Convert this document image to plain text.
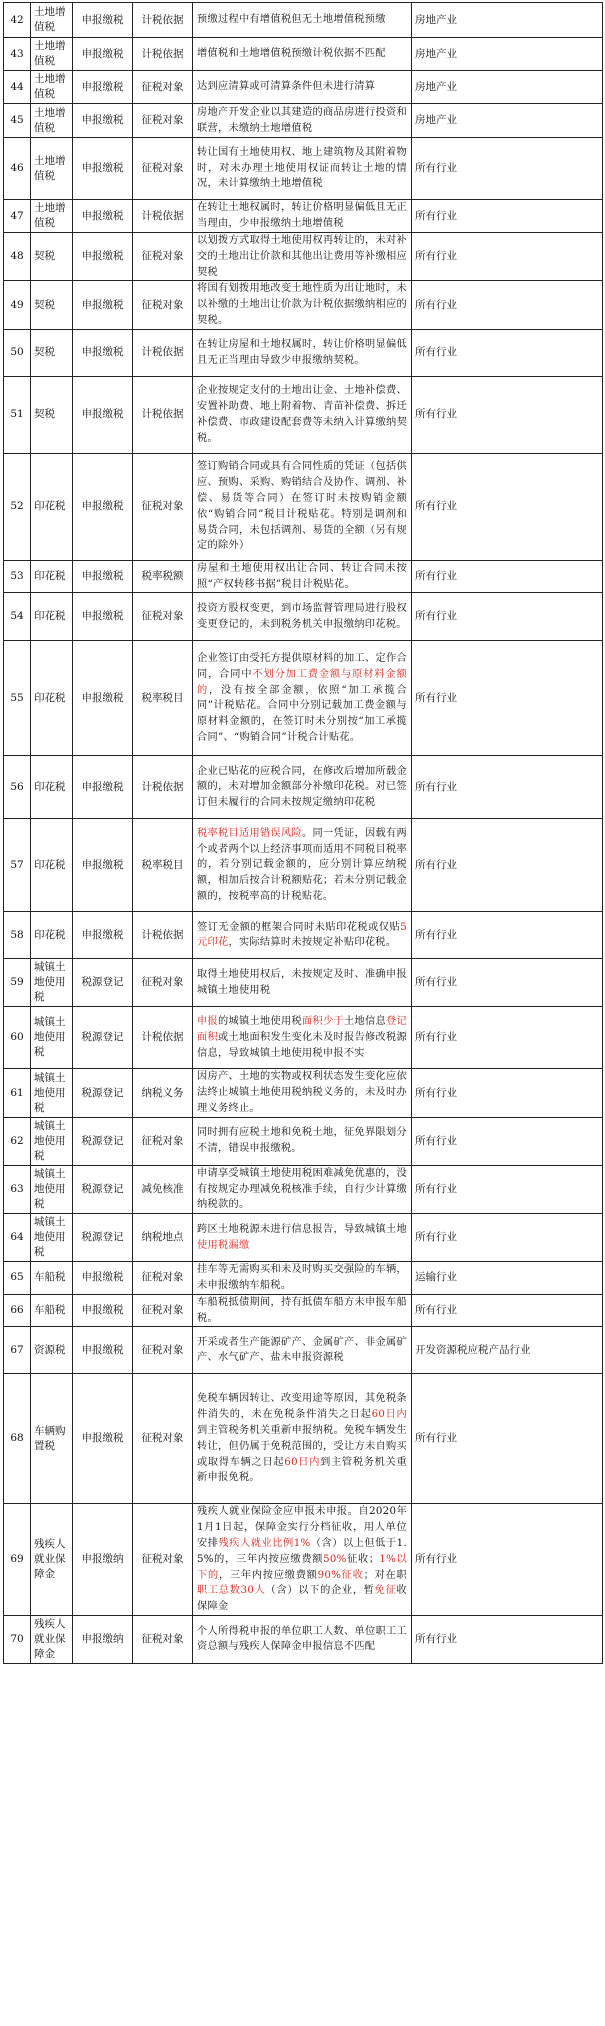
42	土地增值税	申报缴税	计税依据	预缴过程中有增值税但无土地增值税预缴	房地产业
43	土地增值税	申报缴税	计税依据	增值税和土地增值税预缴计税依据不匹配	房地产业
44	土地增值税	申报缴税	征税对象	达到应清算或可清算条件但未进行清算	房地产业
45	土地增值税	申报缴税	征税对象	房地产开发企业以其建造的商品房进行投资和联营，未缴纳土地增值税	房地产业
46	土地增值税	申报缴税	征税对象	转让国有土地使用权、地上建筑物及其附着物时，对未办理土地使用权证而转让土地的情况，未计算缴纳土地增值税	所有行业
47	土地增值税	申报缴税	计税依据	在转让土地权属时，转让价格明显偏低且无正当理由，少申报缴纳土地增值税	所有行业
48	契税	申报缴税	征税对象	以划拨方式取得土地使用权再转让的，未对补交的土地出让价款和其他出让费用等补缴相应契税	所有行业
49	契税	申报缴税	征税对象	将国有划拨用地改变土地性质为出让地时，未以补缴的土地出让价款为计税依据缴纳相应的契税。	所有行业
50	契税	申报缴税	计税依据	在转让房屋和土地权属时，转让价格明显偏低且无正当理由导致少申报缴纳契税。	所有行业
51	契税	申报缴税	计税依据	企业按规定支付的土地出让金、土地补偿费、安置补助费、地上附着物、青苗补偿费、拆迁补偿费、市政建设配套费等未纳入计算缴纳契税。	所有行业
52	印花税	申报缴税	征税对象	签订购销合同或具有合同性质的凭证（包括供应、预购、采购、购销结合及协作、调剂、补偿、易货等合同）在签订时未按购销金额依“购销合同”税目计税贴花。特别是调剂和易货合同，未包括调剂、易货的全额（另有规定的除外）	所有行业
53	印花税	申报缴税	税率税额	房屋和土地使用权出让合同、转让合同未按照“产权转移书据”税目计税贴花。	所有行业
54	印花税	申报缴税	征税对象	投资方股权变更，到市场监督管理局进行股权变更登记的，未到税务机关申报缴纳印花税。	所有行业
55	印花税	申报缴税	税率税目	企业签订由受托方提供原材料的加工、定作合同，合同中不划分加工费金额与原材料金额的，没有按全部金额，依照“加工承揽合同”计税贴花。合同中分别记载加工费金额与原材料金额的，在签订时未分别按“加工承揽合同”、“购销合同”计税合计贴花。	所有行业
56	印花税	申报缴税	计税依据	企业已贴花的应税合同，在修改后增加所载金额的，未对增加金额部分补缴印花税。对已签订但未履行的合同未按规定缴纳印花税	所有行业
57	印花税	申报缴税	税率税目	税率税目适用错误风险。同一凭证，因载有两个或者两个以上经济事项而适用不同税目税率的，若分别记载金额的，应分别计算应纳税额，相加后按合计税额贴花；若未分别记载金额的，按税率高的计税贴花。	所有行业
58	印花税	申报缴税	计税依据	签订无金额的框架合同时未贴印花税或仅贴5元印花，实际结算时未按规定补贴印花税。	所有行业
59	城镇土地使用税	税源登记	征税对象	取得土地使用权后，未按规定及时、准确申报城镇土地使用税	所有行业
60	城镇土地使用税	税源登记	计税依据	申报的城镇土地使用税面积少于土地信息登记面积或土地面积发生变化未及时报告修改税源信息，导致城镇土地使用税申报不实	所有行业
61	城镇土地使用税	税源登记	纳税义务	因房产、土地的实物或权利状态发生变化应依法终止城镇土地使用税纳税义务的，未及时办理义务终止。	所有行业
62	城镇土地使用税	税源登记	征税对象	同时拥有应税土地和免税土地，征免界限划分不清，错误申报缴税。	所有行业
63	城镇土地使用税	税源登记	减免核准	申请享受城镇土地使用税困难减免优惠的，没有按规定办理减免税核准手续，自行少计算缴纳税款的。	所有行业
64	城镇土地使用税	税源登记	纳税地点	跨区土地税源未进行信息报告，导致城镇土地使用税漏缴	所有行业
65	车船税	申报缴税	征税对象	挂车等无需购买和未及时购买交强险的车辆，未申报缴纳车船税。	运输行业
66	车船税	申报缴税	征税对象	车船税抵债期间，持有抵债车船方未申报车船税。	所有行业
67	资源税	申报缴税	征税对象	开采或者生产能源矿产、金属矿产、非金属矿产、水气矿产、盐未申报资源税	开发资源税应税产品行业
68	车辆购置税	申报缴税	征税对象	免税车辆因转让、改变用途等原因，其免税条件消失的，未在免税条件消失之日起60日内到主管税务机关重新申报纳税。免税车辆发生转让，但仍属于免税范围的，受让方未自购买或取得车辆之日起60日内到主管税务机关重新申报免税。	所有行业
69	残疾人就业保障金	申报缴纳	征税对象	残疾人就业保险金应申报未申报。自2020年1月1日起，保障金实行分档征收，用人单位安排残疾人就业比例1%（含）以上但低于1.5%的，三年内按应缴费额50%征收；1%以下的，三年内按应缴费额90%征收；对在职职工总数30人（含）以下的企业，暂免征收保障金	所有行业
70	残疾人就业保障金	申报缴纳	征税对象	个人所得税申报的单位职工人数、单位职工工资总额与残疾人保障金申报信息不匹配	所有行业
